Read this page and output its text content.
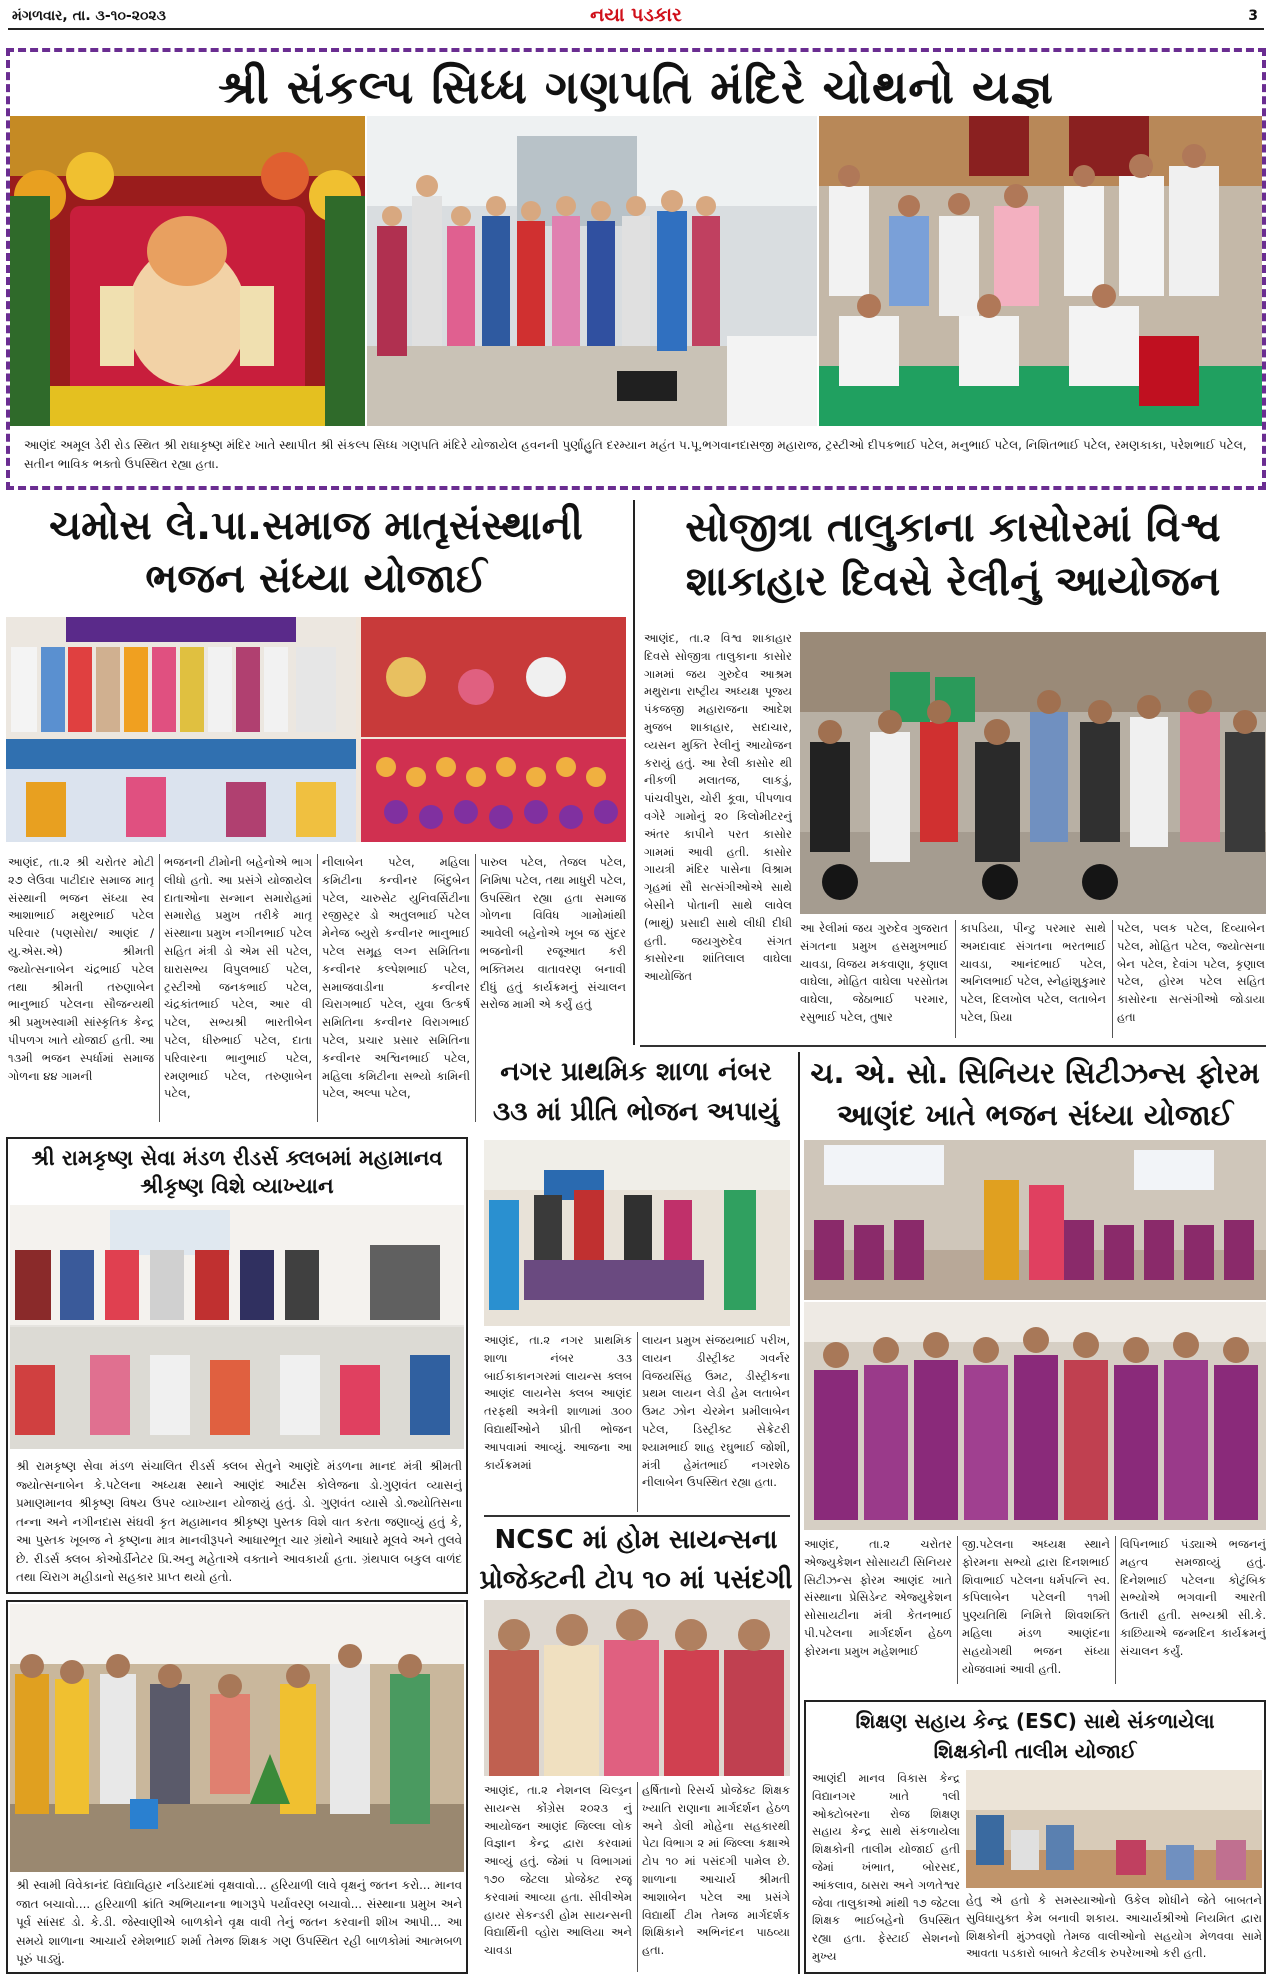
મંગળવાર, તા. ૩-૧૦-૨૦૨૩	નયા પડકાર	3
શ્રી સંકલ્પ સિધ્ધ ગણપતિ મંદિરે ચોથનો યજ્ઞ
આણંદ અમૂલ ડેરી રોડ સ્થિત શ્રી રાધાકૃષ્ણ મંદિર ખાતે સ્થાપીત શ્રી સંકલ્પ સિધ્ધ ગણપતિ મંદિરે યોજાયેલ હવનની પુર્ણાહુતિ દરમ્યાન મહંત પ.પૂ.ભગવાનદાસજી મહારાજ, ટ્રસ્ટીઓ દીપકભાઈ પટેલ, મનુભાઈ પટેલ, નિશિતભાઈ પટેલ, રમણકાકા, પરેશભાઈ પટેલ, સતીન ભાવિક ભક્તો ઉપસ્થિત રહ્યા હતા.
ચમોસ લે.પા.સમાજ માતૃસંસ્થાની
ભજન સંધ્યા યોજાઈ
આણંદ, તા.૨ શ્રી ચરોતર મોટી ૨૭ લેઉવા પાટીદાર સમાજ માતૃ સંસ્થાની ભજન સંધ્યા સ્વ આશાભાઈ મથુરભાઈ પટેલ પરિવાર (પણસોરા/ આણંદ / યુ.એસ.એ) શ્રીમતી જ્યોત્સનાબેન ચંદ્રભાઈ પટેલ તથા શ્રીમતી તરુણાબેન ભાનુભાઈ પટેલના સૌજન્યથી શ્રી પ્રમુખસ્વામી સાંસ્કૃતિક કેન્દ્ર પીપળગ ખાતે યોજાઈ હતી. આ ૧૩મી ભજન સ્પર્ધામાં સમાજ ગોળના ૪૪ ગામની
ભજનની ટીમોની બહેનોએ ભાગ લીધો હતો. આ પ્રસંગે યોજાયેલ દાતાઓના સન્માન સમારોહમાં સમારોહ પ્રમુખ તરીકે માતૃ સંસ્થાના પ્રમુખ નગીનભાઈ પટેલ સહિત મંત્રી ડો એમ સી પટેલ, ઘારાસભ્ય વિપુલભાઈ પટેલ, ટ્રસ્ટીઓ જનકભાઈ પટેલ, ચંદ્રકાંતભાઈ પટેલ, આર વી પટેલ, સભ્યશ્રી ભારતીબેન પટેલ, ધીરુભાઈ પટેલ, દાતા પરિવારના ભાનુભાઈ પટેલ, રમણભાઈ પટેલ, તરુણાબેન પટેલ,
નીલાબેન પટેલ, મહિલા કમિટીના કન્વીનર બિંદુબેન પટેલ, ચારુસેટ યુનિવર્સિટીના રજીસ્ટ્રર ડો અતુલભાઈ પટેલ મેનેજ બ્યુરો કન્વીનર ભાનુભાઈ પટેલ સમૂહ લગ્ન સમિતિના કન્વીનર કલ્પેશભાઈ પટેલ, સમાજવાડીના કન્વીનર ચિરાગભાઈ પટેલ, યુવા ઉત્કર્ષ સમિતિના કન્વીનર વિરાગભાઈ પટેલ, પ્રચાર પ્રસાર સમિતિના કન્વીનર અશ્વિનભાઈ પટેલ, મહિલા કમિટીના સભ્યો કામિની પટેલ, અલ્પા પટેલ,
પારુલ પટેલ, તેજલ પટેલ, નિમિષા પટેલ, તથા માધુરી પટેલ, ઉપસ્થિત રહ્યા હતા સમાજ ગોળના વિવિધ ગામોમાંથી આવેલી બહેનોએ ખૂબ જ સુંદર ભજનોની રજૂઆત કરી ભક્તિમય વાતાવરણ બનાવી દીધું હતું કાર્યક્રમનું સંચાલન સરોજ મામી એ કર્યું હતું
સોજીત્રા તાલુકાના કાસોરમાં વિશ્વ
શાકાહાર દિવસે રેલીનું આયોજન
આણંદ, તા.૨ વિશ્વ શાકાહાર દિવસે સોજીત્રા તાલુકાના કાસોર ગામમાં જય ગુરુદેવ આશ્રમ મથુરાના રાષ્ટ્રીય અધ્યક્ષ પૂજ્ય પંકજજી મહારાજના આદેશ મુજબ શાકાહાર, સદાચાર, વ્યસન મુક્તિ રેલીનું આયોજન કરાયું હતું. આ રેલી કાસોર થી નીકળી મલાતજ, લાકડું, પાંચવીપુરા, ચોરી કૂવા, પીપળાવ વગેરે ગામોનું ૨૦ કિલોમીટરનું અંતર કાપીને પરત કાસોર ગામમાં આવી હતી. કાસોર ગાયત્રી મંદિર પાસેના વિશ્રામ ગૃહમાં સૌ સત્સંગીઓએ સાથે બેસીને પોતાની સાથે લાવેલ (ભાથું) પ્રસાદી સાથે લીધી દીધી હતી. જયગુરુદેવ સંગત કાસોરના શાંતિલાલ વાઘેલા આયોજિત
આ રેલીમાં જય ગુરુદેવ ગુજરાત સંગતના પ્રમુખ હસમુખભાઈ ચાવડા, વિજય મકવાણા, કૃણાલ વાઘેલા, મોહિત વાઘેલા પરસોતમ વાઘેલા, જેઠાભાઈ પરમાર, રસુભાઈ પટેલ, તુષાર
કાપડિયા, પીન્ટુ પરમાર સાથે અમદાવાદ સંગતના ભરતભાઈ ચાવડા, આનંદભાઈ પટેલ, અનિલભાઈ પટેલ, સ્નેહાંશુકુમાર પટેલ, દિલખોલ પટેલ, લતાબેન પટેલ, પ્રિયા
પટેલ, પલક પટેલ, દિવ્યાબેન પટેલ, મોહિત પટેલ, જ્યોત્સના બેન પટેલ, દેવાંગ પટેલ, કૃણાલ પટેલ, હોરમ પટેલ સહિત કાસોરના સત્સંગીઓ જોડાયા હતા
શ્રી રામકૃષ્ણ સેવા મંડળ રીડર્સ ક્લબમાં મહામાનવ
શ્રીકૃષ્ણ વિશે વ્યાખ્યાન
શ્રી રામકૃષ્ણ સેવા મંડળ સંચાલિત રીડર્સ ક્લબ સેતુને આણંદે મંડળના માનદ મંત્રી શ્રીમતી જ્યોત્સનાબેન કે.પટેલના અધ્યક્ષ સ્થાને આણંદ આર્ટસ કોલેજના ડો.ગુણવંત વ્યાસનું પ્રમાણમાનવ શ્રીકૃષ્ણ વિષય ઉપર વ્યાખ્યાન યોજાયું હતું. ડો. ગુણવંત વ્યાસે ડો.જ્યોતિસના તન્ના અને નગીનદાસ સંઘવી કૃત મહામાનવ શ્રીકૃષ્ણ પુસ્તક વિશે વાત કરતા જણાવ્યું હતું કે, આ પુસ્તક ખૂબજ ને કૃષ્ણના માત્ર માનવીરૂપને આધારભૂત ચાર ગ્રંથોને આધારે મૂલવે અને તુલવે છે. રીડર્સ ક્લબ કોઓર્ડીનેટર પ્રિ.અનુ મહેતાએ વક્તાને આવકાર્યા હતા. ગ્રંથપાલ બકુલ વાળંદ તથા ચિરાગ મહીડાનો સહકાર પ્રાપ્ત થયો હતો.
શ્રી સ્વામી વિવેકાનંદ વિદ્યાવિહાર નડિયાદમાં વૃક્ષવાવો... હરિયાળી લાવે વૃક્ષનું જતન કરો... માનવ જાત બચાવો.... હરિયાળી ક્રાંતિ અભિયાનના ભાગરૂપે પર્યાવરણ બચાવો... સંસ્થાના પ્રમુખ અને પૂર્વ સાંસદ ડો. કે.ડી. જેસ્વાણીએ બાળકોને વૃક્ષ વાવી તેનું જતન કરવાની શીખ આપી... આ સમયે શાળાના આચાર્ય રમેશભાઈ શર્મા તેમજ શિક્ષક ગણ ઉપસ્થિત રહી બાળકોમાં આત્મબળ પૂરું પાડ્યું.
નગર પ્રાથમિક શાળા નંબર
૩૩ માં પ્રીતિ ભોજન અપાયું
આણંદ, તા.૨ નગર પ્રાથમિક શાળા નંબર ૩૩ બાઈકાકાનગરમાં લાયન્સ ક્લબ આણંદ લાયનેસ ક્લબ આણંદ તરફથી અત્રેની શાળામાં ૩૦૦ વિદ્યાર્થીઓને પ્રીતી ભોજન આપવામાં આવ્યું. આજના આ કાર્યક્રમમાં
લાયન પ્રમુખ સંજયભાઈ પરીખ, લાયન ડીસ્ટ્રીક્ટ ગવર્નર વિજયસિંહ ઉમટ, ડીસ્ટ્રીકના પ્રથમ લાયન લેડી હેમ લતાબેન ઉમટ ઝોન ચેરમેન પ્રમીલાબેન પટેલ, ડિસ્ટ્રીક્ટ સેક્રેટરી શ્યામભાઈ શાહ રઘુભાઈ જોશી, મંત્રી હેમંતભાઈ નગરશેઠ નીલાબેન ઉપસ્થિત રહ્યા હતા.
NCSC માં હોમ સાયન્સના
પ્રોજેક્ટની ટોપ ૧૦ માં પસંદગી
આણંદ, તા.૨ નેશનલ ચિલ્ડ્રન સાયન્સ કોંગ્રેસ ૨૦૨૩ નું આયોજન આણંદ જિલ્લા લોક વિજ્ઞાન કેન્દ્ર દ્વારા કરવામાં આવ્યું હતું. જેમાં ૫ વિભાગમાં ૧૭૦ જેટલા પ્રોજેક્ટ રજૂ કરવામાં આવ્યા હતા. સીવીએમ હાયર સેકન્ડરી હોમ સાયન્સની વિદ્યાર્થિની વ્હોરા આલિયા અને ચાવડા
હર્ષિતાનો રિસર્ચ પ્રોજેક્ટ શિક્ષક ખ્યાતિ રાણાના માર્ગદર્શન હેઠળ અને ડોલી મોહેના સહકારથી પેટા વિભાગ ૨ માં જિલ્લા કક્ષાએ ટોપ ૧૦ માં પસંદગી પામેલ છે. શાળાના આચાર્ય શ્રીમતી આશાબેન પટેલ આ પ્રસંગે વિદ્યાર્થી ટીમ તેમજ માર્ગદર્શક શિક્ષિકાને અભિનંદન પાઠવ્યા હતા.
ચ. એ. સો. સિનિયર સિટીઝન્સ ફોરમ
આણંદ ખાતે ભજન સંધ્યા યોજાઈ
આણંદ, તા.૨ ચરોતર એજ્યુકેશન સોસાયટી સિનિયર સિટીઝન્સ ફોરમ આણંદ ખાતે સંસ્થાના પ્રેસિડેન્ટ એજ્યુકેશન સોસાયટીના મંત્રી કેતનભાઈ પી.પટેલના માર્ગદર્શન હેઠળ ફોરમના પ્રમુખ મહેશભાઈ
જી.પટેલના અધ્યક્ષ સ્થાને ફોરમના સભ્યો દ્વારા દિનશભાઈ શિવાભાઈ પટેલના ધર્મપત્નિ સ્વ. કપિલાબેન પટેલની ૧૧મી પુણ્યતિથિ નિમિત્તે શિવશક્તિ મહિલા મંડળ આણંદના સહયોગથી ભજન સંધ્યા યોજવામાં આવી હતી.
વિપિનભાઈ પંડ્યાએ ભજનનું મહત્વ સમજાવ્યું હતું. દિનેશભાઈ પટેલના કોટુંબિક સભ્યોએ ભગવાની આરતી ઉતારી હતી. સભ્યશ્રી સી.કે. કાછિયાએ જન્મદિન કાર્યક્રમનું સંચાલન કર્યું.
શિક્ષણ સહાય કેન્દ્ર (ESC) સાથે સંકળાયેલા
શિક્ષકોની તાલીમ યોજાઈ
આણંદી માનવ વિકાસ કેન્દ્ર વિદ્યાનગર ખાતે ૧લી ઓક્ટોબરના રોજ શિક્ષણ સહાય કેન્દ્ર સાથે સંકળાયેલા શિક્ષકોની તાલીમ યોજાઈ હતી જેમાં ખંભાત, બોરસદ, આંકલાવ, ઠાસરા અને ગળતેશ્વર જેવા તાલુકાઓ માંથી ૧૭ જેટલા શિક્ષક ભાઈબહેનો ઉપસ્થિત રહ્યા હતા. ફેસ્ટાઈ સેશનનો મુખ્ય
હેતુ એ હતો કે સમસ્યાઓનો ઉકેલ શોધીને જેતે બાબતને સુવિધાયુક્ત કેમ બનાવી શકાય. આચાર્યશ્રીઓ નિયમિત દ્વારા શિક્ષકોની મુંઝવણો તેમજ વાલીઓનો સહયોગ મેળવવા સામે આવતા પડકારો બાબતે કેટલીક રુપરેખાઓ કરી હતી.
